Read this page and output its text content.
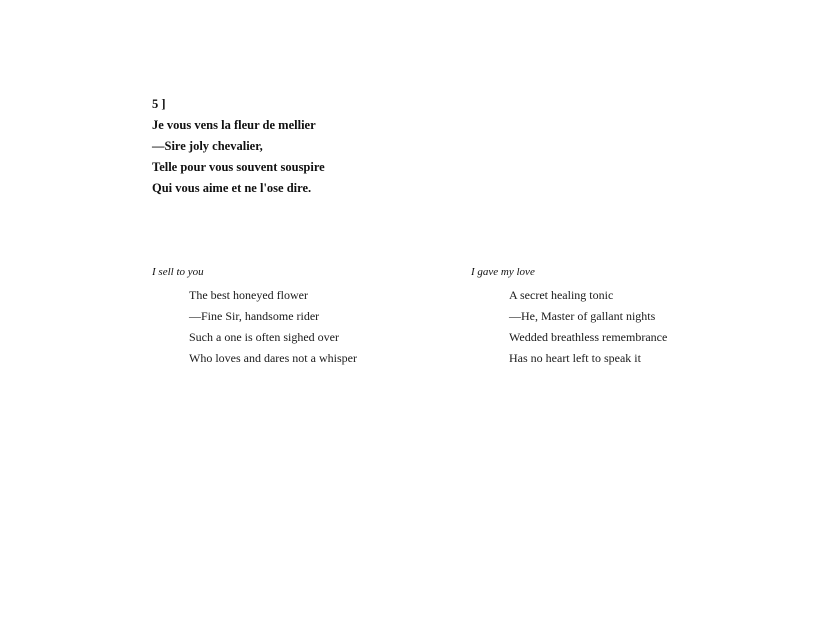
5 ]
Je vous vens la fleur de mellier
—Sire joly chevalier,
Telle pour vous souvent souspire
Qui vous aime et ne l'ose dire.
I sell to you
The best honeyed flower
—Fine Sir, handsome rider
Such a one is often sighed over
Who loves and dares not a whisper
I gave my love
A secret healing tonic
—He, Master of gallant nights
Wedded breathless remembrance
Has no heart left to speak it
